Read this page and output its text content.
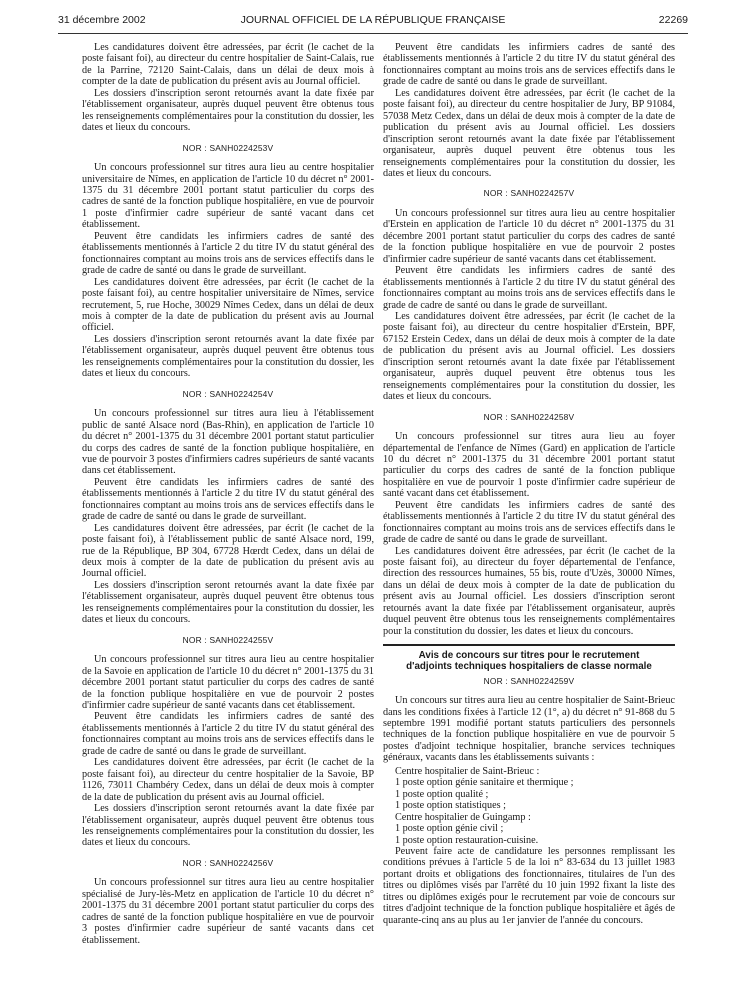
31 décembre 2002	JOURNAL OFFICIEL DE LA RÉPUBLIQUE FRANÇAISE	22269

Les candidatures doivent être adressées, par écrit (le cachet de la poste faisant foi), au directeur du centre hospitalier de Saint-Calais, rue de la Parrine, 72120 Saint-Calais, dans un délai de deux mois à compter de la date de publication du présent avis au Journal officiel.

Les dossiers d'inscription seront retournés avant la date fixée par l'établissement organisateur, auprès duquel peuvent être obtenus tous les renseignements complémentaires pour la constitution du dossier, les dates et lieux du concours.

NOR : SANH0224253V

Un concours professionnel sur titres aura lieu au centre hospitalier universitaire de Nîmes, en application de l'article 10 du décret n° 2001-1375 du 31 décembre 2001 portant statut particulier du corps des cadres de santé de la fonction publique hospitalière, en vue de pourvoir 1 poste d'infirmier cadre supérieur de santé vacant dans cet établissement.

Peuvent être candidats les infirmiers cadres de santé des établissements mentionnés à l'article 2 du titre IV du statut général des fonctionnaires comptant au moins trois ans de services effectifs dans le grade de cadre de santé ou dans le grade de surveillant.

Les candidatures doivent être adressées, par écrit (le cachet de la poste faisant foi), au centre hospitalier universitaire de Nîmes, service recrutement, 5, rue Hoche, 30029 Nîmes Cedex, dans un délai de deux mois à compter de la date de publication du présent avis au Journal officiel.

Les dossiers d'inscription seront retournés avant la date fixée par l'établissement organisateur, auprès duquel peuvent être obtenus tous les renseignements complémentaires pour la constitution du dossier, les dates et lieux du concours.

NOR : SANH0224254V

Un concours professionnel sur titres aura lieu à l'établissement public de santé Alsace nord (Bas-Rhin), en application de l'article 10 du décret n° 2001-1375 du 31 décembre 2001 portant statut particulier du corps des cadres de santé de la fonction publique hospitalière, en vue de pourvoir 3 postes d'infirmiers cadres supérieurs de santé vacants dans cet établissement.

Peuvent être candidats les infirmiers cadres de santé des établissements mentionnés à l'article 2 du titre IV du statut général des fonctionnaires comptant au moins trois ans de services effectifs dans le grade de cadre de santé ou dans le grade de surveillant.

Les candidatures doivent être adressées, par écrit (le cachet de la poste faisant foi), à l'établissement public de santé Alsace nord, 199, rue de la République, BP 304, 67728 Hœrdt Cedex, dans un délai de deux mois à compter de la date de publication du présent avis au Journal officiel.

Les dossiers d'inscription seront retournés avant la date fixée par l'établissement organisateur, auprès duquel peuvent être obtenus tous les renseignements complémentaires pour la constitution du dossier, les dates et lieux du concours.

NOR : SANH0224255V

Un concours professionnel sur titres aura lieu au centre hospitalier de la Savoie en application de l'article 10 du décret n° 2001-1375 du 31 décembre 2001 portant statut particulier du corps des cadres de santé de la fonction publique hospitalière en vue de pourvoir 2 postes d'infirmier cadre supérieur de santé vacants dans cet établissement.

Peuvent être candidats les infirmiers cadres de santé des établissements mentionnés à l'article 2 du titre IV du statut général des fonctionnaires comptant au moins trois ans de services effectifs dans le grade de cadre de santé ou dans le grade de surveillant.

Les candidatures doivent être adressées, par écrit (le cachet de la poste faisant foi), au directeur du centre hospitalier de la Savoie, BP 1126, 73011 Chambéry Cedex, dans un délai de deux mois à compter de la date de publication du présent avis au Journal officiel.

Les dossiers d'inscription seront retournés avant la date fixée par l'établissement organisateur, auprès duquel peuvent être obtenus tous les renseignements complémentaires pour la constitution du dossier, les dates et lieux du concours.

NOR : SANH0224256V

Un concours professionnel sur titres aura lieu au centre hospitalier spécialisé de Jury-lès-Metz en application de l'article 10 du décret n° 2001-1375 du 31 décembre 2001 portant statut particulier du corps des cadres de santé de la fonction publique hospitalière en vue de pourvoir 3 postes d'infirmier cadre supérieur de santé vacants dans cet établissement.

Peuvent être candidats les infirmiers cadres de santé des établissements mentionnés à l'article 2 du titre IV du statut général des fonctionnaires comptant au moins trois ans de services effectifs dans le grade de cadre de santé ou dans le grade de surveillant.

Les candidatures doivent être adressées, par écrit (le cachet de la poste faisant foi), au directeur du centre hospitalier de Jury, BP 91084, 57038 Metz Cedex, dans un délai de deux mois à compter de la date de publication du présent avis au Journal officiel. Les dossiers d'inscription seront retournés avant la date fixée par l'établissement organisateur, auprès duquel peuvent être obtenus tous les renseignements complémentaires pour la constitution du dossier, les dates et lieux du concours.

NOR : SANH0224257V

Un concours professionnel sur titres aura lieu au centre hospitalier d'Erstein en application de l'article 10 du décret n° 2001-1375 du 31 décembre 2001 portant statut particulier du corps des cadres de santé de la fonction publique hospitalière en vue de pourvoir 2 postes d'infirmier cadre supérieur de santé vacants dans cet établissement.

Peuvent être candidats les infirmiers cadres de santé des établissements mentionnés à l'article 2 du titre IV du statut général des fonctionnaires comptant au moins trois ans de services effectifs dans le grade de cadre de santé ou dans le grade de surveillant.

Les candidatures doivent être adressées, par écrit (le cachet de la poste faisant foi), au directeur du centre hospitalier d'Erstein, BPF, 67152 Erstein Cedex, dans un délai de deux mois à compter de la date de publication du présent avis au Journal officiel. Les dossiers d'inscription seront retournés avant la date fixée par l'établissement organisateur, auprès duquel peuvent être obtenus tous les renseignements complémentaires pour la constitution du dossier, les dates et lieux du concours.

NOR : SANH0224258V

Un concours professionnel sur titres aura lieu au foyer départemental de l'enfance de Nîmes (Gard) en application de l'article 10 du décret n° 2001-1375 du 31 décembre 2001 portant statut particulier du corps des cadres de santé de la fonction publique hospitalière en vue de pourvoir 1 poste d'infirmier cadre supérieur de santé vacant dans cet établissement.

Peuvent être candidats les infirmiers cadres de santé des établissements mentionnés à l'article 2 du titre IV du statut général des fonctionnaires comptant au moins trois ans de services effectifs dans le grade de cadre de santé ou dans le grade de surveillant.

Les candidatures doivent être adressées, par écrit (le cachet de la poste faisant foi), au directeur du foyer départemental de l'enfance, direction des ressources humaines, 55 bis, route d'Uzès, 30000 Nîmes, dans un délai de deux mois à compter de la date de publication du présent avis au Journal officiel. Les dossiers d'inscription seront retournés avant la date fixée par l'établissement organisateur, auprès duquel peuvent être obtenus tous les renseignements complémentaires pour la constitution du dossier, les dates et lieux du concours.

Avis de concours sur titres pour le recrutement
d'adjoints techniques hospitaliers de classe normale
NOR : SANH0224259V

Un concours sur titres aura lieu au centre hospitalier de Saint-Brieuc dans les conditions fixées à l'article 12 (1°, a) du décret n° 91-868 du 5 septembre 1991 modifié portant statuts particuliers des personnels techniques de la fonction publique hospitalière en vue de pourvoir 5 postes d'adjoint technique hospitalier, branche services techniques généraux, vacants dans les établissements suivants :

Centre hospitalier de Saint-Brieuc :

1 poste option génie sanitaire et thermique ;

1 poste option qualité ;

1 poste option statistiques ;

Centre hospitalier de Guingamp :

1 poste option génie civil ;

1 poste option restauration-cuisine.

Peuvent faire acte de candidature les personnes remplissant les conditions prévues à l'article 5 de la loi n° 83-634 du 13 juillet 1983 portant droits et obligations des fonctionnaires, titulaires de l'un des titres ou diplômes visés par l'arrêté du 10 juin 1992 fixant la liste des titres ou diplômes exigés pour le recrutement par voie de concours sur titres d'adjoint technique de la fonction publique hospitalière et âgés de quarante-cinq ans au plus au 1er janvier de l'année du concours.
